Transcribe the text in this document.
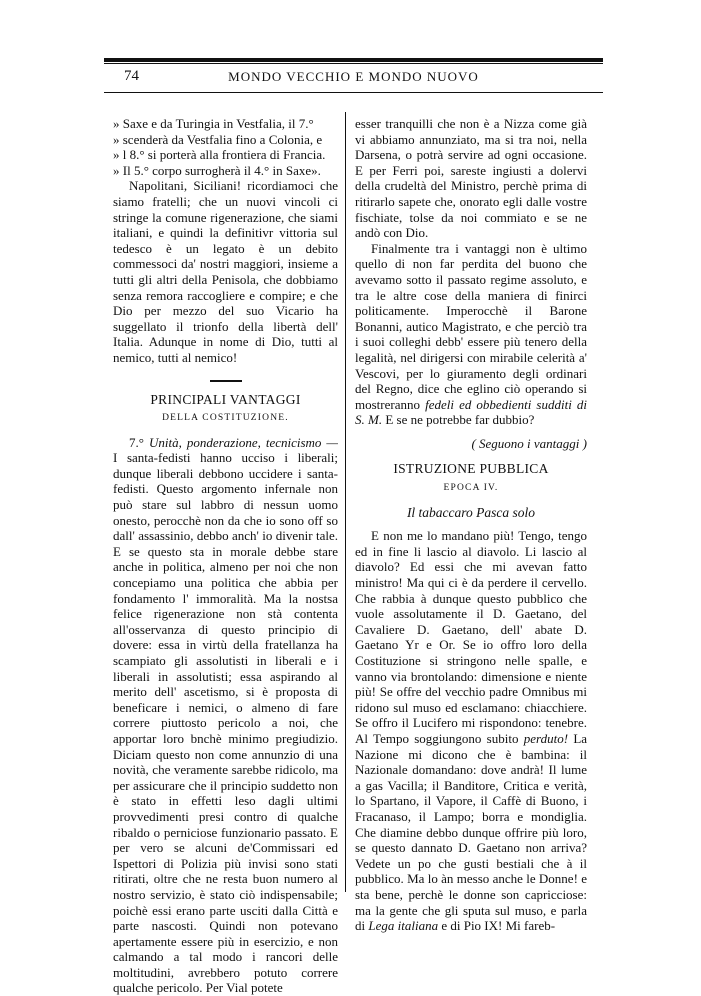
74	MONDO VECCHIO E MONDO NUOVO

» Saxe e da Turingia in Vestfalia, il 7.°

» scenderà da Vestfalia fino a Colonia, e

» l 8.° si porterà alla frontiera di Francia.

» Il 5.° corpo surrogherà il 4.° in Saxe».

Napolitani, Siciliani! ricordiamoci che siamo fratelli; che un nuovi vincoli ci stringe la comune rigenerazione, che siami italiani, e quindi la definitivr vittoria sul tedesco è un legato è un debito commessoci da' nostri maggiori, insieme a tutti gli altri della Penisola, che dobbiamo senza remora raccogliere e compire; e che Dio per mezzo del suo Vicario ha suggellato il trionfo della libertà dell' Italia. Adunque in nome di Dio, tutti al nemico, tutti al nemico!

PRINCIPALI VANTAGGI

DELLA COSTITUZIONE.

7.° Unità, ponderazione, tecnicismo — I santa-fedisti hanno ucciso i liberali; dunque liberali debbono uccidere i santa-fedisti. Questo argomento infernale non può stare sul labbro di nessun uomo onesto, perocchè non da che io sono off so dall' assassinio, debbo anch' io divenir tale. E se questo sta in morale debbe stare anche in politica, almeno per noi che non concepiamo una politica che abbia per fondamento l' immoralità. Ma la nostsa felice rigenerazione non stà contenta all'osservanza di questo principio di dovere: essa in virtù della fratellanza ha scampiato gli assolutisti in liberali e i liberali in assolutisti; essa aspirando al merito dell' ascetismo, si è proposta di beneficare i nemici, o almeno di fare correre piuttosto pericolo a noi, che apportar loro bnchè minimo pregiudizio. Diciam questo non come annunzio di una novità, che veramente sarebbe ridicolo, ma per assicurare che il principio suddetto non è stato in effetti leso dagli ultimi provvedimenti presi contro di qualche ribaldo o perniciose funzionario passato. E per vero se alcuni de'Commissari ed Ispettori di Polizia più invisi sono stati ritirati, oltre che ne resta buon numero al nostro servizio, è stato ciò indispensabile; poichè essi erano parte usciti dalla Città e parte nascosti. Quindi non potevano apertamente essere più in esercizio, e non calmando a tal modo i rancori delle moltitudini, avrebbero potuto correre qualche pericolo. Per Vial potete

esser tranquilli che non è a Nizza come già vi abbiamo annunziato, ma si tra noi, nella Darsena, o potrà servire ad ogni occasione. E per Ferri poi, sareste ingiusti a dolervi della crudeltà del Ministro, perchè prima di ritirarlo sapete che, onorato egli dalle vostre fischiate, tolse da noi commiato e se ne andò con Dio.

Finalmente tra i vantaggi non è ultimo quello di non far perdita del buono che avevamo sotto il passato regime assoluto, e tra le altre cose della maniera di finirci politicamente. Imperocchè il Barone Bonanni, autico Magistrato, e che perciò tra i suoi colleghi debb' essere più tenero della legalità, nel dirigersi con mirabile celerità a' Vescovi, per lo giuramento degli ordinari del Regno, dice che eglino ciò operando si mostreranno fedeli ed obbedienti sudditi di S. M. E se ne potrebbe far dubbio?

( Seguono i vantaggi )

ISTRUZIONE PUBBLICA

EPOCA IV.

Il tabaccaro Pasca solo

E non me lo mandano più! Tengo, tengo ed in fine li lascio al diavolo. Li lascio al diavolo? Ed essi che mi avevan fatto ministro! Ma qui ci è da perdere il cervello. Che rabbia à dunque questo pubblico che vuole assolutamente il D. Gaetano, del Cavaliere D. Gaetano, dell' abate D. Gaetano Yr e Or. Se io offro loro della Costituzione si stringono nelle spalle, e vanno via brontolando: dimensione e niente più! Se offre del vecchio padre Omnibus mi ridono sul muso ed esclamano: chiacchiere. Se offro il Lucifero mi rispondono: tenebre. Al Tempo soggiungono subito perduto! La Nazione mi dicono che è bambina: il Nazionale domandano: dove andrà! Il lume a gas Vacilla; il Banditore, Critica e verità, lo Spartano, il Vapore, il Caffè di Buono, i Fracanaso, il Lampo; borra e mondiglia. Che diamine debbo dunque offrire più loro, se questo dannato D. Gaetano non arriva? Vedete un po che gusti bestiali che à il pubblico. Ma lo àn messo anche le Donne! e sta bene, perchè le donne son capricciose: ma la gente che gli sputa sul muso, e parla di Lega italiana e di Pio IX! Mi fareb-
